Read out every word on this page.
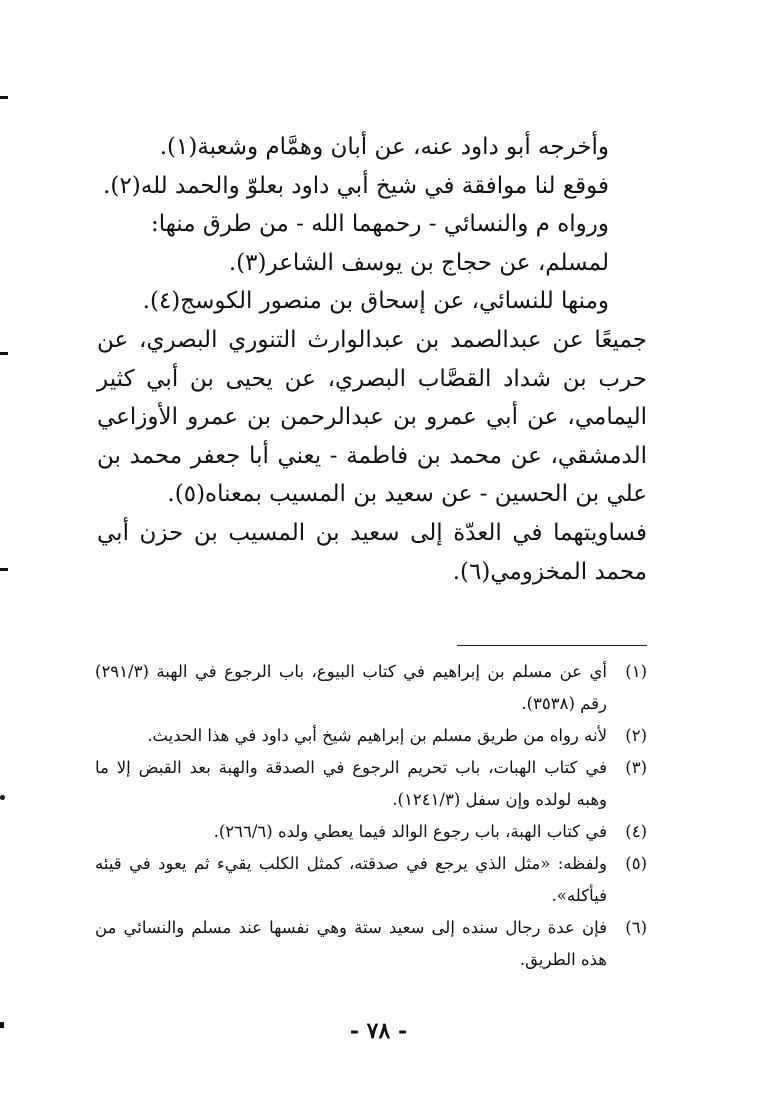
وأخرجه أبو داود عنه، عن أبان وهمَّام وشعبة(١).

فوقع لنا موافقة في شيخ أبي داود بعلوّ والحمد لله(٢).

ورواه م والنسائي - رحمهما الله - من طرق منها:

لمسلم، عن حجاج بن يوسف الشاعر(٣).

ومنها للنسائي، عن إسحاق بن منصور الكوسج(٤).

جميعًا عن عبدالصمد بن عبدالوارث التنوري البصري، عن حرب بن شداد القصَّاب البصري، عن يحيى بن أبي كثير اليمامي، عن أبي عمرو بن عبدالرحمن بن عمرو الأوزاعي الدمشقي، عن محمد بن فاطمة - يعني أبا جعفر محمد بن علي بن الحسين - عن سعيد بن المسيب بمعناه(٥).

فساويتهما في العدّة إلى سعيد بن المسيب بن حزن أبي محمد المخزومي(٦).

(١)
أي عن مسلم بن إبراهيم في كتاب البيوع، باب الرجوع في الهبة (٢٩١/٣) رقم (٣٥٣٨).
(٢)
لأنه رواه من طريق مسلم بن إبراهيم شيخ أبي داود في هذا الحديث.
(٣)
في كتاب الهبات، باب تحريم الرجوع في الصدقة والهبة بعد القبض إلا ما وهبه لولده وإن سفل (١٢٤١/٣).
(٤)
في كتاب الهبة، باب رجوع الوالد فيما يعطي ولده (٢٦٦/٦).
(٥)
ولفظه: «مثل الذي يرجع في صدقته، كمثل الكلب يقيء ثم يعود في قيئه فيأكله».
(٦)
فإن عدة رجال سنده إلى سعيد ستة وهي نفسها عند مسلم والنسائي من هذه الطريق.
- ٧٨ -
